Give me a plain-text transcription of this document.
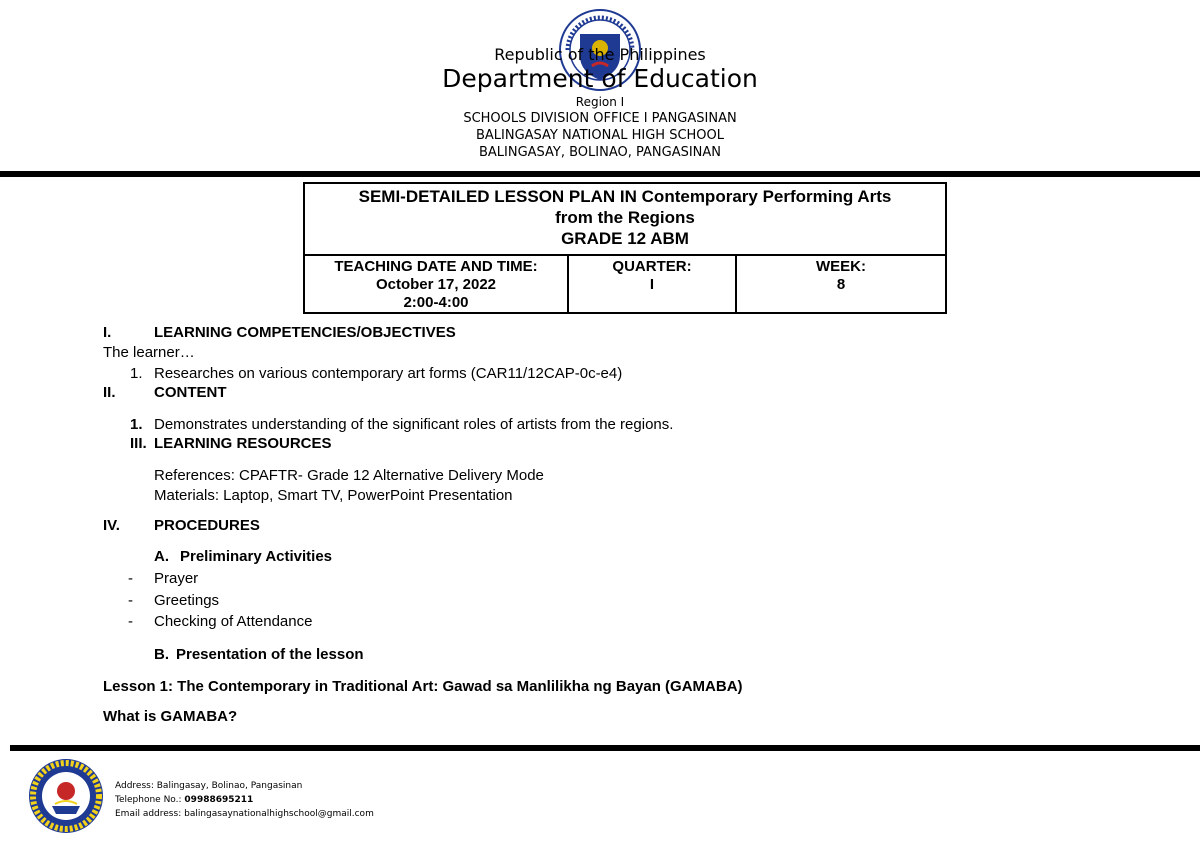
Republic of the Philippines
Department of Education
Region I
SCHOOLS DIVISION OFFICE I PANGASINAN
BALINGASAY NATIONAL HIGH SCHOOL
BALINGASAY, BOLINAO, PANGASINAN
SEMI-DETAILED LESSON PLAN IN Contemporary Performing Arts
from the Regions
GRADE 12 ABM

TEACHING DATE AND TIME:
October 17, 2022
2:00-4:00

QUARTER:
I

WEEK:
8
I.	LEARNING COMPETENCIES/OBJECTIVES
The learner…
1. Researches on various contemporary art forms (CAR11/12CAP-0c-e4)
II.	CONTENT
1. Demonstrates understanding of the significant roles of artists from the regions.
III. LEARNING RESOURCES
References: CPAFTR- Grade 12 Alternative Delivery Mode
Materials: Laptop, Smart TV, PowerPoint Presentation
IV. PROCEDURES
A. Preliminary Activities
- Prayer
- Greetings
- Checking of Attendance
B. Presentation of the lesson
Lesson 1: The Contemporary in Traditional Art: Gawad sa Manlilikha ng Bayan (GAMABA)
What is GAMABA?
Address: Balingasay, Bolinao, Pangasinan
Telephone No.: 09988695211
Email address: balingasaynationalhighschool@gmail.com
